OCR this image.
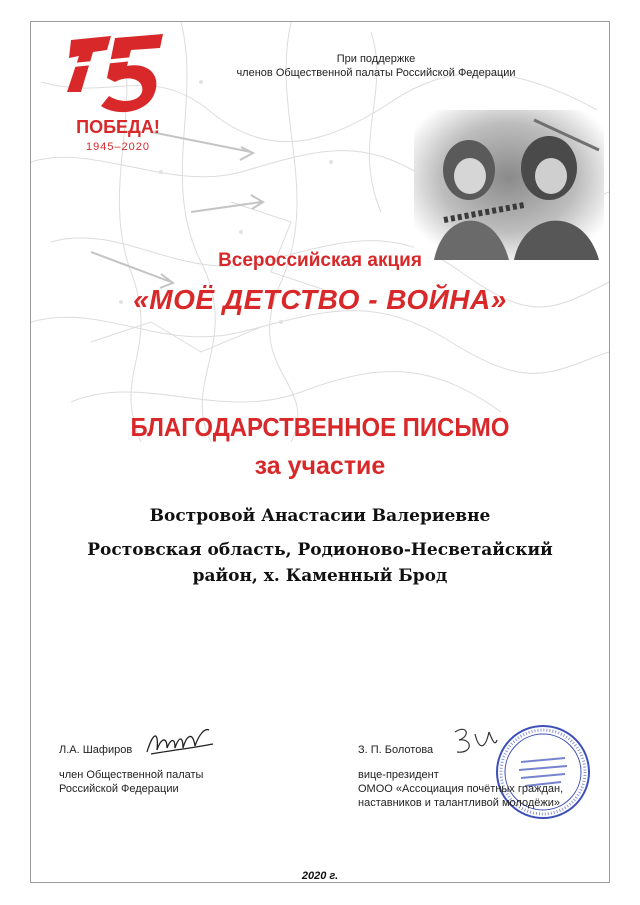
ПОБЕДА!
1945–2020
При поддержке
членов Общественной палаты Российской Федерации
Всероссийская акция
«МОЁ ДЕТСТВО - ВОЙНА»
БЛАГОДАРСТВЕННОЕ ПИСЬМО
за участие
Востровой Анастасии Валериевне
Ростовская область, Родионово-Несветайский
район, х. Каменный Брод
Л.А. Шафиров
член Общественной палаты
Российской Федерации
З. П. Болотова
вице-президент
ОМОО «Ассоциация почётных граждан,
наставников и талантливой молодёжи»
2020 г.
